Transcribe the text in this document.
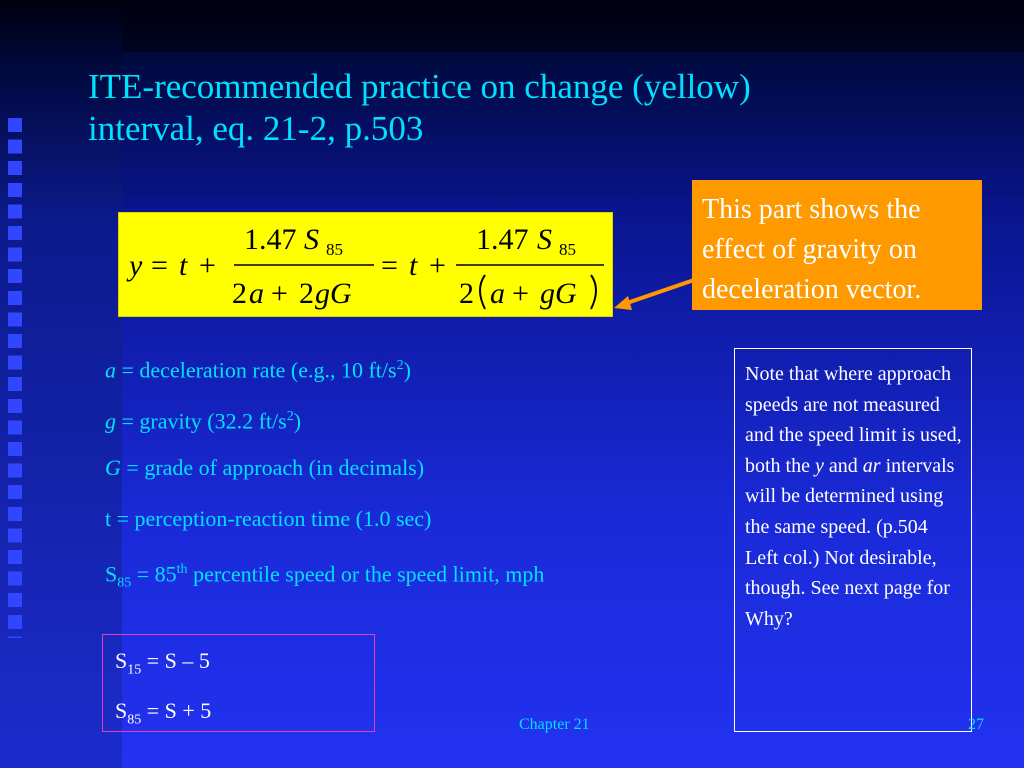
ITE-recommended practice on change (yellow)
interval, eq. 21-2, p.503
y = t +
1.47 S 85
2 a + 2 gG
= t +
1.47 S 85
2 a + gG
This part shows the effect of gravity on deceleration vector.
a = deceleration rate (e.g., 10 $ft/s^2$)
g = gravity (32.2 $ft/s^2$)
G = grade of approach (in decimals)
t = perception-reaction time (1.0 sec)
$S_{85} = 85th$ percentile speed or the speed limit, mph
Note that where approach speeds are not measured and the speed limit is used, both the y and ar intervals will be determined using the same speed. (p.504 Left col.) Not desirable, though. See next page for Why?
$S_{15} = S - 5$
$S_{85} = S + 5$
Chapter 21	27
